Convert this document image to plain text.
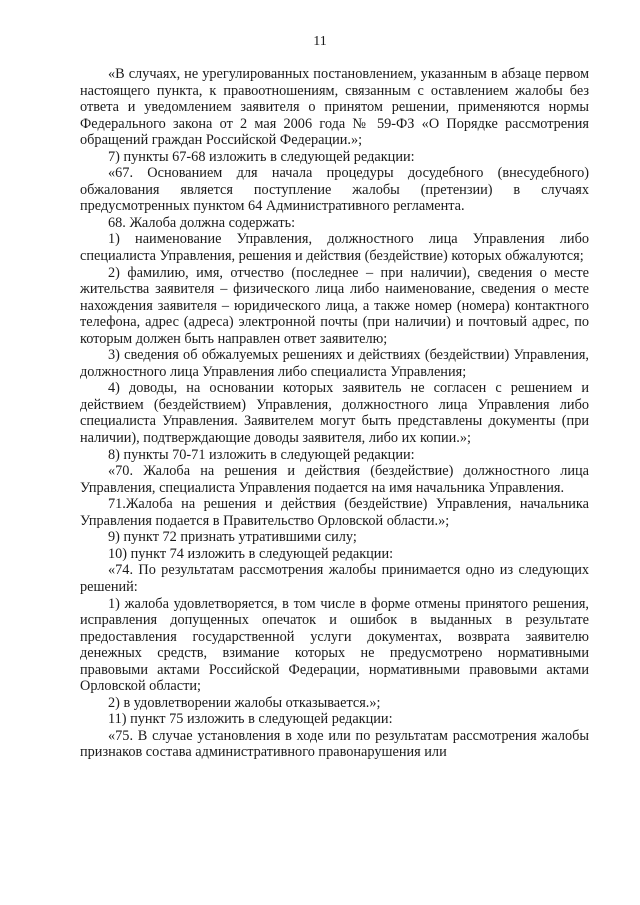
11

«В случаях, не урегулированных постановлением, указанным в абзаце первом настоящего пункта, к правоотношениям, связанным с оставлением жалобы без ответа и уведомлением заявителя о принятом решении, применяются нормы Федерального закона от 2 мая 2006 года № 59-ФЗ «О Порядке рассмотрения обращений граждан Российской Федерации.»;

7) пункты 67-68 изложить в следующей редакции:

«67. Основанием для начала процедуры досудебного (внесудебного) обжалования является поступление жалобы (претензии) в случаях предусмотренных пунктом 64 Административного регламента.

68. Жалоба должна содержать:

1) наименование Управления, должностного лица Управления либо специалиста Управления, решения и действия (бездействие) которых обжалуются;

2) фамилию, имя, отчество (последнее – при наличии), сведения о месте жительства заявителя – физического лица либо наименование, сведения о месте нахождения заявителя – юридического лица, а также номер (номера) контактного телефона, адрес (адреса) электронной почты (при наличии) и почтовый адрес, по которым должен быть направлен ответ заявителю;

3) сведения об обжалуемых решениях и действиях (бездействии) Управления, должностного лица Управления либо специалиста Управления;

4) доводы, на основании которых заявитель не согласен с решением и действием (бездействием) Управления, должностного лица Управления либо специалиста Управления. Заявителем могут быть представлены документы (при наличии), подтверждающие доводы заявителя, либо их копии.»;

8) пункты 70-71 изложить в следующей редакции:

«70. Жалоба на решения и действия (бездействие) должностного лица Управления, специалиста Управления подается на имя начальника Управления.

71.Жалоба на решения и действия (бездействие) Управления, начальника Управления подается в Правительство Орловской области.»;

9) пункт 72 признать утратившими силу;

10) пункт 74 изложить в следующей редакции:

«74. По результатам рассмотрения жалобы принимается одно из следующих решений:

1) жалоба удовлетворяется, в том числе в форме отмены принятого решения, исправления допущенных опечаток и ошибок в выданных в результате предоставления государственной услуги документах, возврата заявителю денежных средств, взимание которых не предусмотрено нормативными правовыми актами Российской Федерации, нормативными правовыми актами Орловской области;

2) в удовлетворении жалобы отказывается.»;

11) пункт 75 изложить в следующей редакции:

«75. В случае установления в ходе или по результатам рассмотрения жалобы признаков состава административного правонарушения или
